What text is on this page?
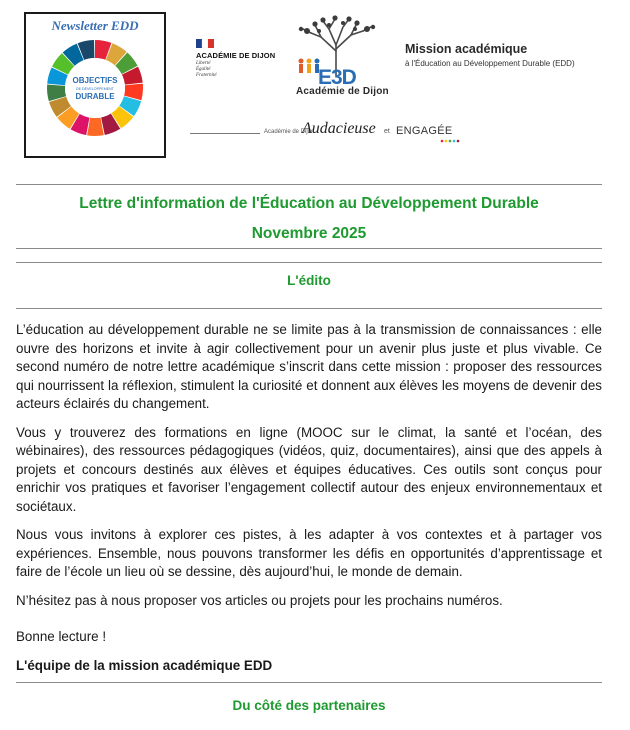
Newsletter EDD
OBJECTIFS
DE DÉVELOPPEMENT
DURABLE
ACADÉMIE DE DIJON
Liberté
Égalité
Fraternité	E3D
Académie de Dijon
Mission académique
à l'Éducation au Développement Durable (EDD)
Académie de Dijon
Audacieuse et ENGAGÉE
Lettre d'information de l'Éducation au Développement Durable
Novembre 2025
L'édito

L’éducation au développement durable ne se limite pas à la transmission de connaissances : elle ouvre des horizons et invite à agir collectivement pour un avenir plus juste et plus vivable. Ce second numéro de notre lettre académique s’inscrit dans cette mission : proposer des ressources qui nourrissent la réflexion, stimulent la curiosité et donnent aux élèves les moyens de devenir des acteurs éclairés du changement.

Vous y trouverez des formations en ligne (MOOC sur le climat, la santé et l’océan, des wébinaires), des ressources pédagogiques (vidéos, quiz, documentaires), ainsi que des appels à projets et concours destinés aux élèves et équipes éducatives. Ces outils sont conçus pour enrichir vos pratiques et favoriser l’engagement collectif autour des enjeux environnementaux et sociétaux.

Nous vous invitons à explorer ces pistes, à les adapter à vos contextes et à partager vos expériences. Ensemble, nous pouvons transformer les défis en opportunités d’apprentissage et faire de l’école un lieu où se dessine, dès aujourd’hui, le monde de demain.

N’hésitez pas à nous proposer vos articles ou projets pour les prochains numéros.

Bonne lecture !

L'équipe de la mission académique EDD

Du côté des partenaires
